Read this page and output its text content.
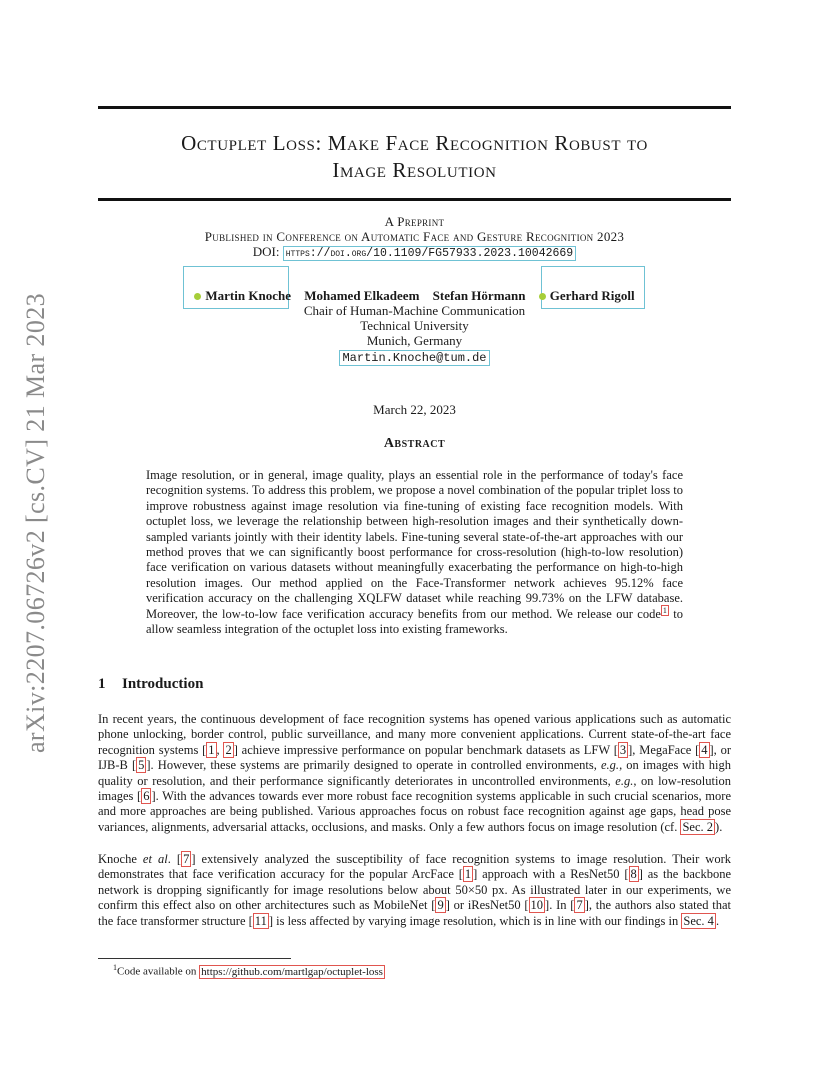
arXiv:2207.06726v2 [cs.CV] 21 Mar 2023
Octuplet Loss: Make Face Recognition Robust to
Image Resolution
A Preprint
Published in Conference on Automatic Face and Gesture Recognition 2023
DOI: https://doi.org/10.1109/FG57933.2023.10042669
Martin Knoche Mohamed Elkadeem Stefan Hörmann Gerhard Rigoll
Chair of Human-Machine Communication
Technical University
Munich, Germany
Martin.Knoche@tum.de
March 22, 2023
Abstract
Image resolution, or in general, image quality, plays an essential role in the performance of today's face recognition systems. To address this problem, we propose a novel combination of the popular triplet loss to improve robustness against image resolution via fine-tuning of existing face recognition models. With octuplet loss, we leverage the relationship between high-resolution images and their synthetically down-sampled variants jointly with their identity labels. Fine-tuning several state-of-the-art approaches with our method proves that we can significantly boost performance for cross-resolution (high-to-low resolution) face verification on various datasets without meaningfully exacerbating the performance on high-to-high resolution images. Our method applied on the Face-Transformer network achieves 95.12% face verification accuracy on the challenging XQLFW dataset while reaching 99.73% on the LFW database. Moreover, the low-to-low face verification accuracy benefits from our method. We release our code $^1$ to allow seamless integration of the octuplet loss into existing frameworks.
1 Introduction
In recent years, the continuous development of face recognition systems has opened various applications such as automatic phone unlocking, border control, public surveillance, and many more convenient applications. Current state-of-the-art face recognition systems [ 1 , 2 ] achieve impressive performance on popular benchmark datasets as LFW [ 3 ], MegaFace [ 4 ], or IJB-B [ 5 ]. However, these systems are primarily designed to operate in controlled environments, e.g., on images with high quality or resolution, and their performance significantly deteriorates in uncontrolled environments, e.g., on low-resolution images [ 6 ]. With the advances towards ever more robust face recognition systems applicable in such crucial scenarios, more and more approaches are being published. Various approaches focus on robust face recognition against age gaps, head pose variances, alignments, adversarial attacks, occlusions, and masks. Only a few authors focus on image resolution (cf. Sec. 2 ).
Knoche et al. [ 7 ] extensively analyzed the susceptibility of face recognition systems to image resolution. Their work demonstrates that face verification accuracy for the popular ArcFace [ 1 ] approach with a ResNet50 [ 8 ] as the backbone network is dropping significantly for image resolutions below about 50×50 px. As illustrated later in our experiments, we confirm this effect also on other architectures such as MobileNet [ 9 ] or iResNet50 [ 10 ]. In [ 7 ], the authors also stated that the face transformer structure [ 11 ] is less affected by varying image resolution, which is in line with our findings in Sec. 4 .
$^1$Code available on https://github.com/martlgap/octuplet-loss
